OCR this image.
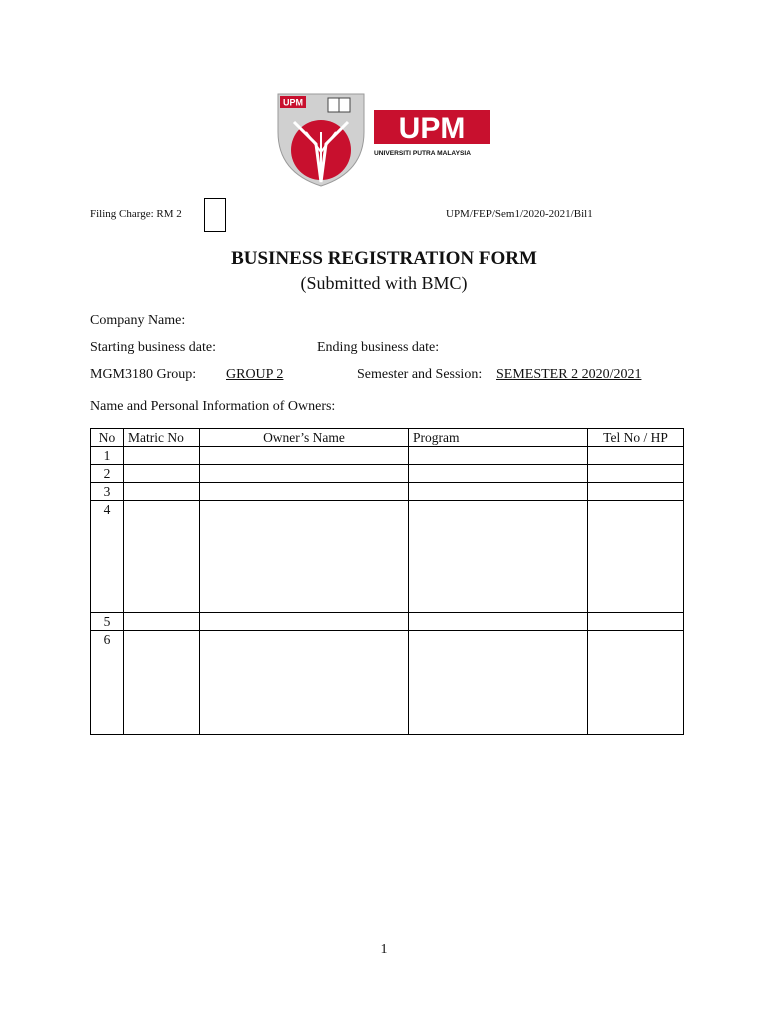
UPM
UPM
UNIVERSITI PUTRA MALAYSIA
Filing Charge: RM 2	UPM/FEP/Sem1/2020-2021/Bil1
BUSINESS REGISTRATION FORM
(Submitted with BMC)
Company Name:
Starting business date:	Ending business date:
MGM3180 Group: GROUP 2	Semester and Session: SEMESTER 2 2020/2021
Name and Personal Information of Owners:
No	Matric No	Owner’s Name	Program	Tel No / HP
1				
2				
3				
4				
5				
6				
1
